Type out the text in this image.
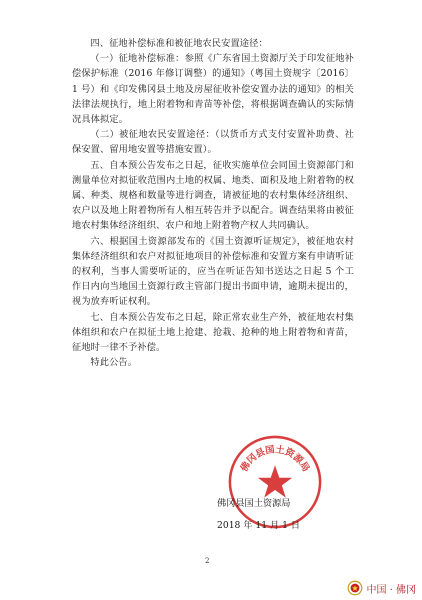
四、征地补偿标准和被征地农民安置途径：

（一）征地补偿标准：参照《广东省国土资源厅关于印发征地补偿保护标准（2016 年修订调整）的通知》（粤国土资规字〔2016〕1 号）和《印发佛冈县土地及房屋征收补偿安置办法的通知》的相关法律法规执行，地上附着物和青苗等补偿，将根据调查确认的实际情况具体拟定。

（二）被征地农民安置途径：（以货币方式支付安置补助费、社保安置、留用地安置等措施安置）。

五、自本预公告发布之日起，征收实施单位会同国土资源部门和测量单位对拟征收范围内土地的权属、地类、面积及地上附着物的权属、种类、规格和数量等进行调查，请被征地的农村集体经济组织、农户以及地上附着物所有人相互转告并予以配合。调查结果将由被征地农村集体经济组织、农户和地上附着物产权人共同确认。

六、根据国土资源部发布的《国土资源听证规定》，被征地农村集体经济组织和农户对拟征地项目的补偿标准和安置方案有申请听证的权利，当事人需要听证的，应当在听证告知书送达之日起 5 个工作日内向当地国土资源行政主管部门提出书面申请，逾期未提出的，视为放弃听证权利。

七、自本预公告发布之日起，除正常农业生产外，被征地农村集体组织和农户在拟征土地上抢建、抢栽、抢种的地上附着物和青苗，征地时一律不予补偿。

特此公告。

佛冈县国土资源局
佛冈县国土资源局
2018 年 11 月 1 日
2
中国 · 佛冈
